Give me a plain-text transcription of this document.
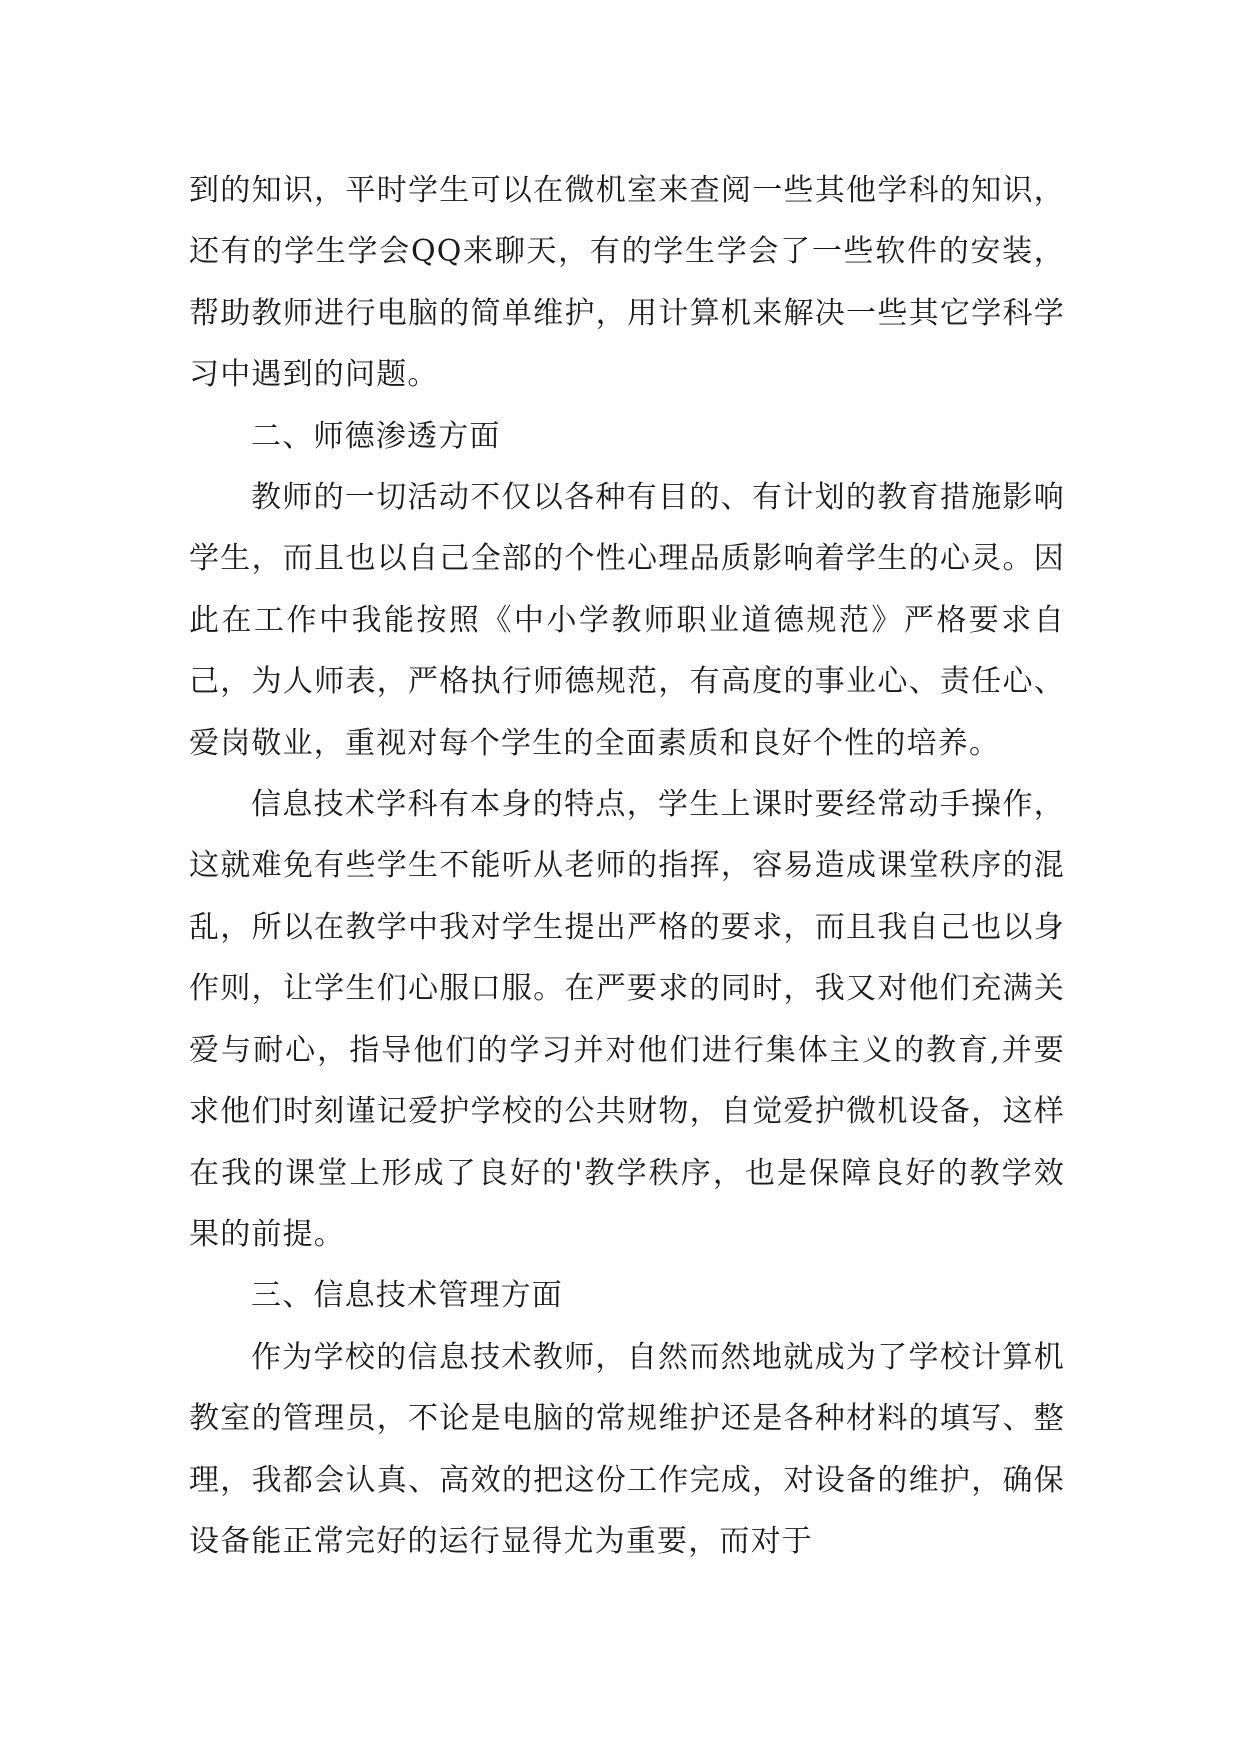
到的知识，平时学生可以在微机室来查阅一些其他学科的知识，还有的学生学会QQ来聊天，有的学生学会了一些软件的安装，帮助教师进行电脑的简单维护，用计算机来解决一些其它学科学习中遇到的问题。

二、师德渗透方面

教师的一切活动不仅以各种有目的、有计划的教育措施影响学生，而且也以自己全部的个性心理品质影响着学生的心灵。因此在工作中我能按照《中小学教师职业道德规范》严格要求自己，为人师表，严格执行师德规范，有高度的事业心、责任心、爱岗敬业，重视对每个学生的全面素质和良好个性的培养。

信息技术学科有本身的特点，学生上课时要经常动手操作，这就难免有些学生不能听从老师的指挥，容易造成课堂秩序的混乱，所以在教学中我对学生提出严格的要求，而且我自己也以身作则，让学生们心服口服。在严要求的同时，我又对他们充满关爱与耐心，指导他们的学习并对他们进行集体主义的教育,并要求他们时刻谨记爱护学校的公共财物，自觉爱护微机设备，这样在我的课堂上形成了良好的'教学秩序，也是保障良好的教学效果的前提。

三、信息技术管理方面

作为学校的信息技术教师，自然而然地就成为了学校计算机教室的管理员，不论是电脑的常规维护还是各种材料的填写、整理，我都会认真、高效的把这份工作完成，对设备的维护，确保设备能正常完好的运行显得尤为重要，而对于
